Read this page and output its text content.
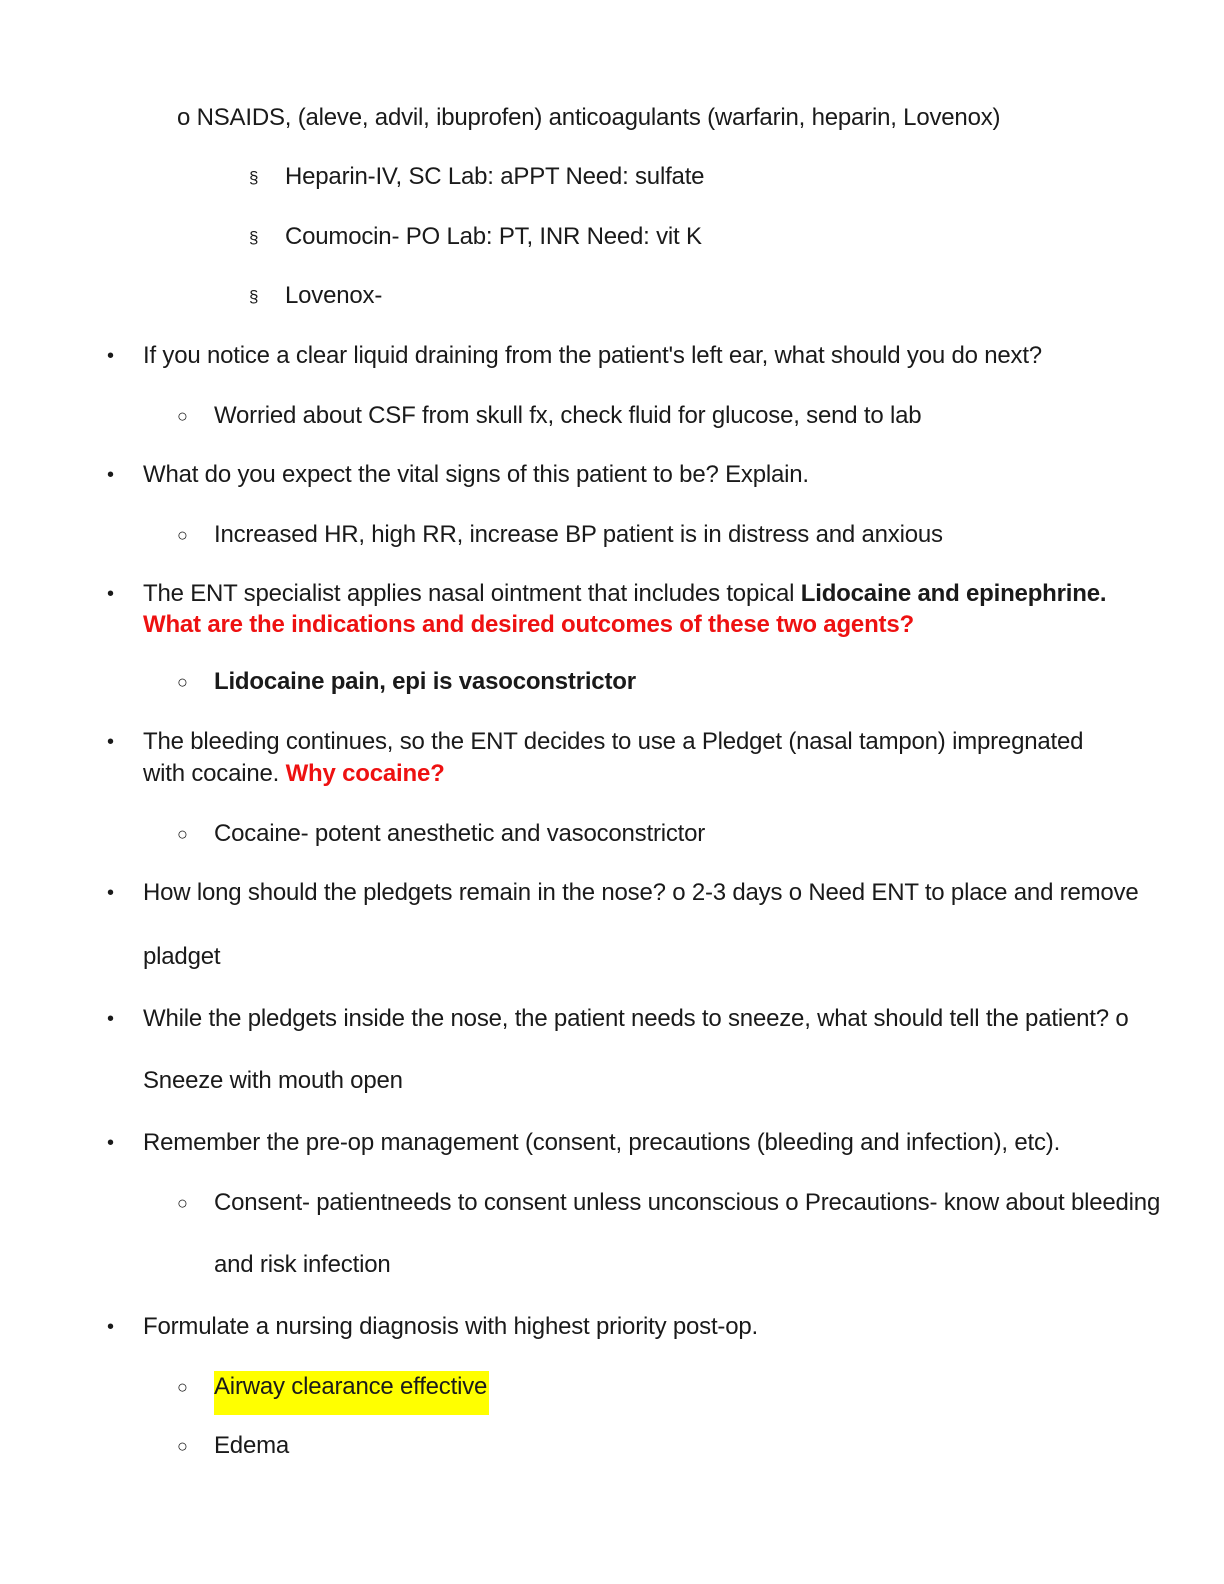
o NSAIDS, (aleve, advil, ibuprofen) anticoagulants (warfarin, heparin, Lovenox)
§ Heparin-IV, SC Lab: aPPT Need: sulfate
§ Coumocin- PO Lab: PT, INR Need: vit K
§ Lovenox-
• If you notice a clear liquid draining from the patient's left ear, what should you do next?
○ Worried about CSF from skull fx, check fluid for glucose, send to lab
• What do you expect the vital signs of this patient to be? Explain.
○ Increased HR, high RR, increase BP patient is in distress and anxious
• The ENT specialist applies nasal ointment that includes topical Lidocaine and epinephrine. What are the indications and desired outcomes of these two agents?
○ Lidocaine pain, epi is vasoconstrictor
• The bleeding continues, so the ENT decides to use a Pledget (nasal tampon) impregnated with cocaine. Why cocaine?
○ Cocaine- potent anesthetic and vasoconstrictor
• How long should the pledgets remain in the nose? o 2-3 days o Need ENT to place and remove
pladget
• While the pledgets inside the nose, the patient needs to sneeze, what should tell the patient? o
Sneeze with mouth open
• Remember the pre-op management (consent, precautions (bleeding and infection), etc).
○ Consent- patientneeds to consent unless unconscious o Precautions- know about bleeding
and risk infection
• Formulate a nursing diagnosis with highest priority post-op.
○ Airway clearance effective
○ Edema
